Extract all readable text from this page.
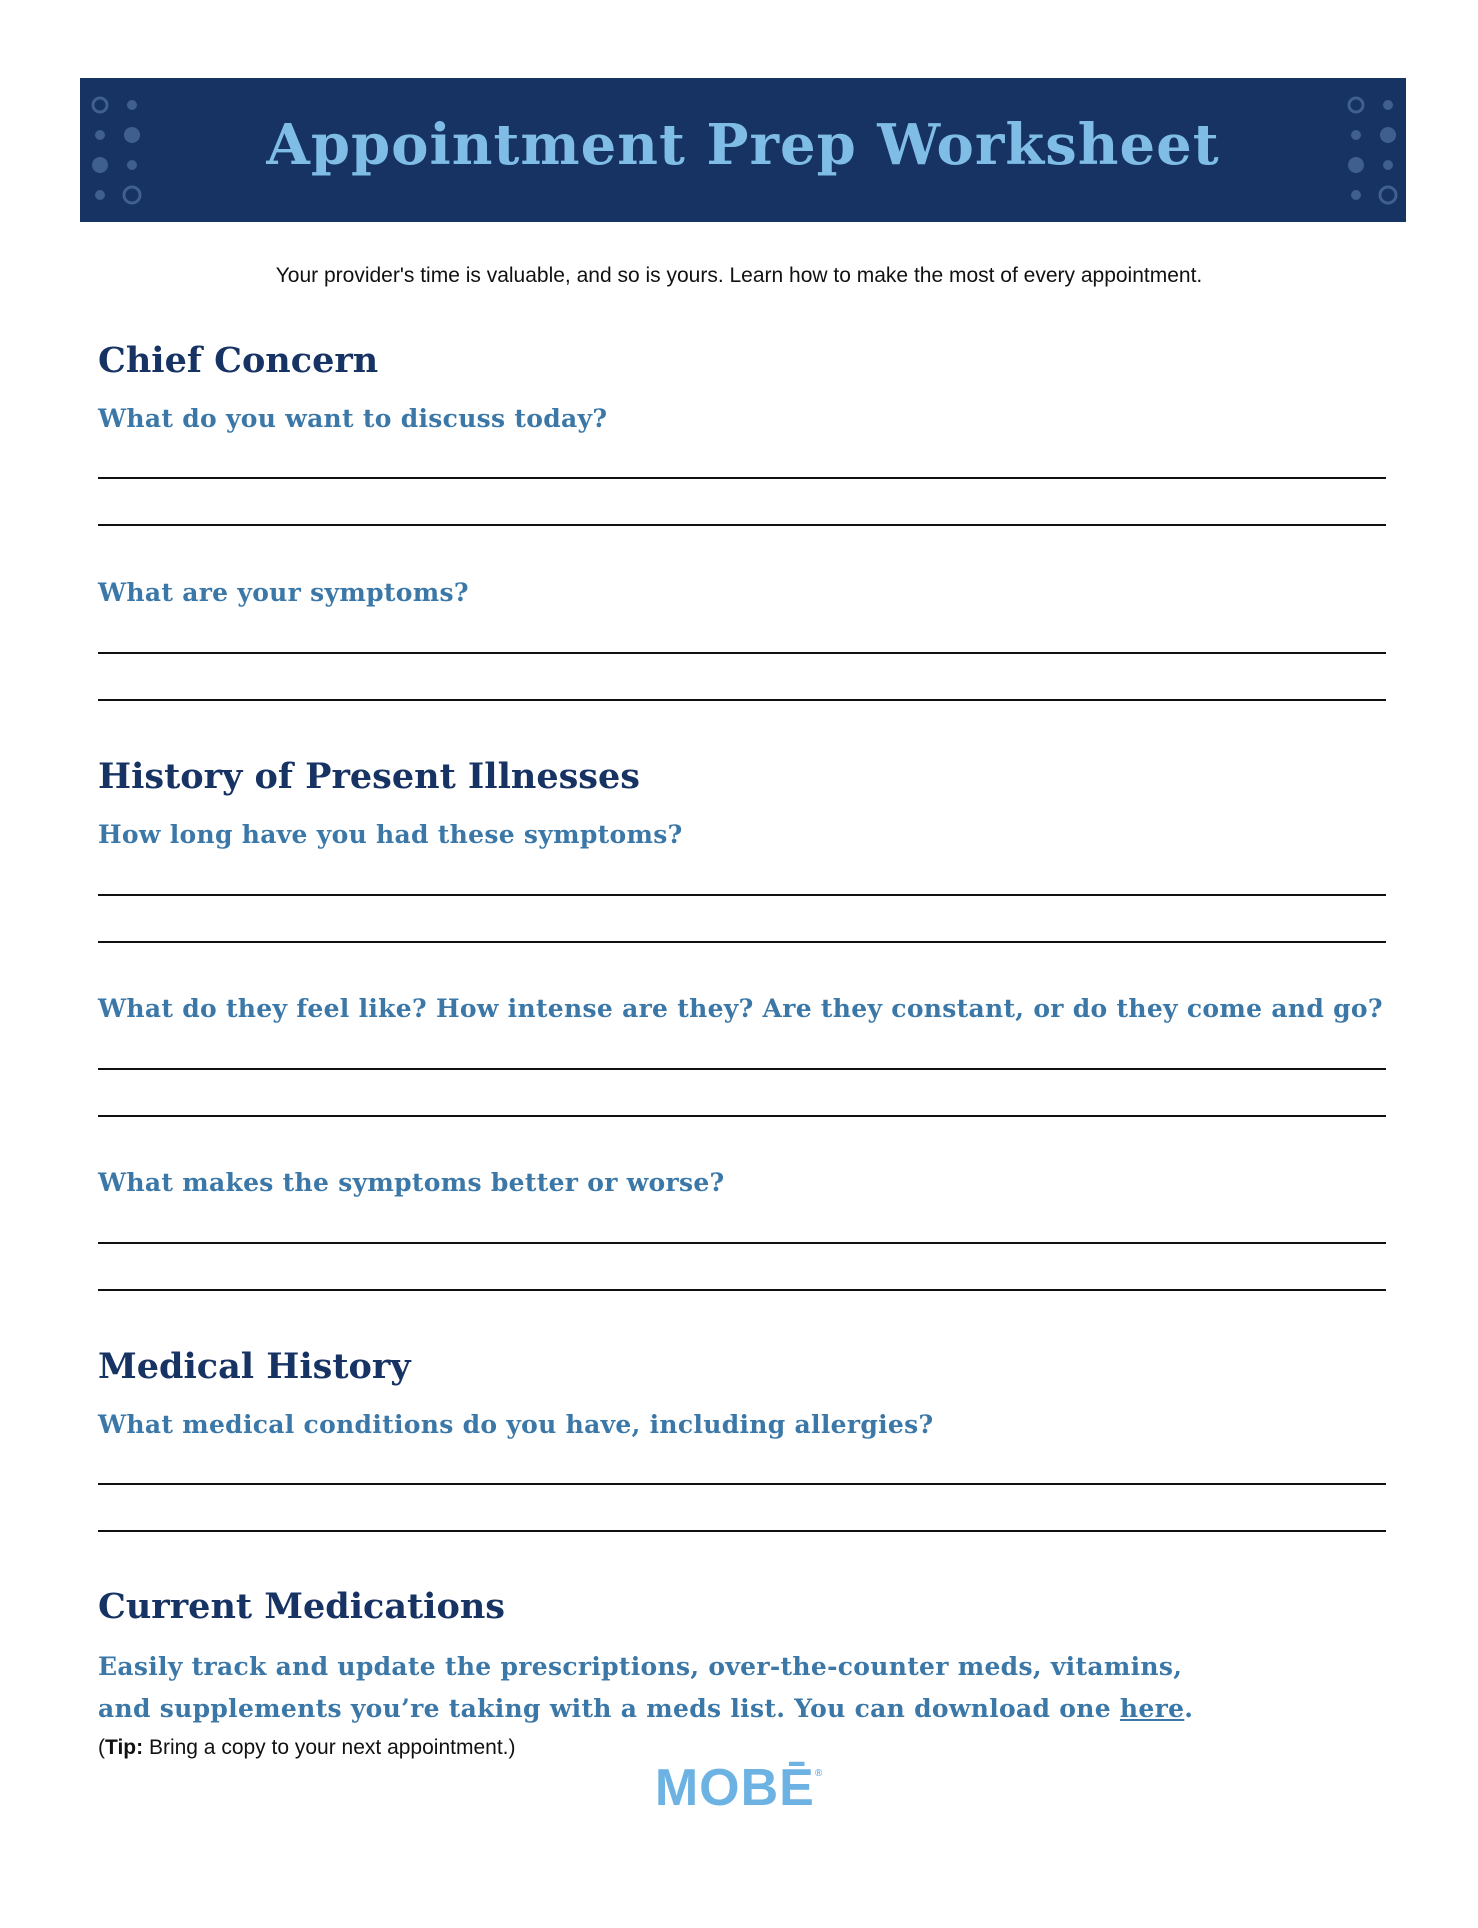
Appointment Prep Worksheet
Your provider's time is valuable, and so is yours. Learn how to make the most of every appointment.
Chief Concern
What do you want to discuss today?
What are your symptoms?
History of Present Illnesses
How long have you had these symptoms?
What do they feel like? How intense are they? Are they constant, or do they come and go?
What makes the symptoms better or worse?
Medical History
What medical conditions do you have, including allergies?
Current Medications
Easily track and update the prescriptions, over-the-counter meds, vitamins,
and supplements you’re taking with a meds list. You can download one here.
(Tip: Bring a copy to your next appointment.)
MOBĒ®
